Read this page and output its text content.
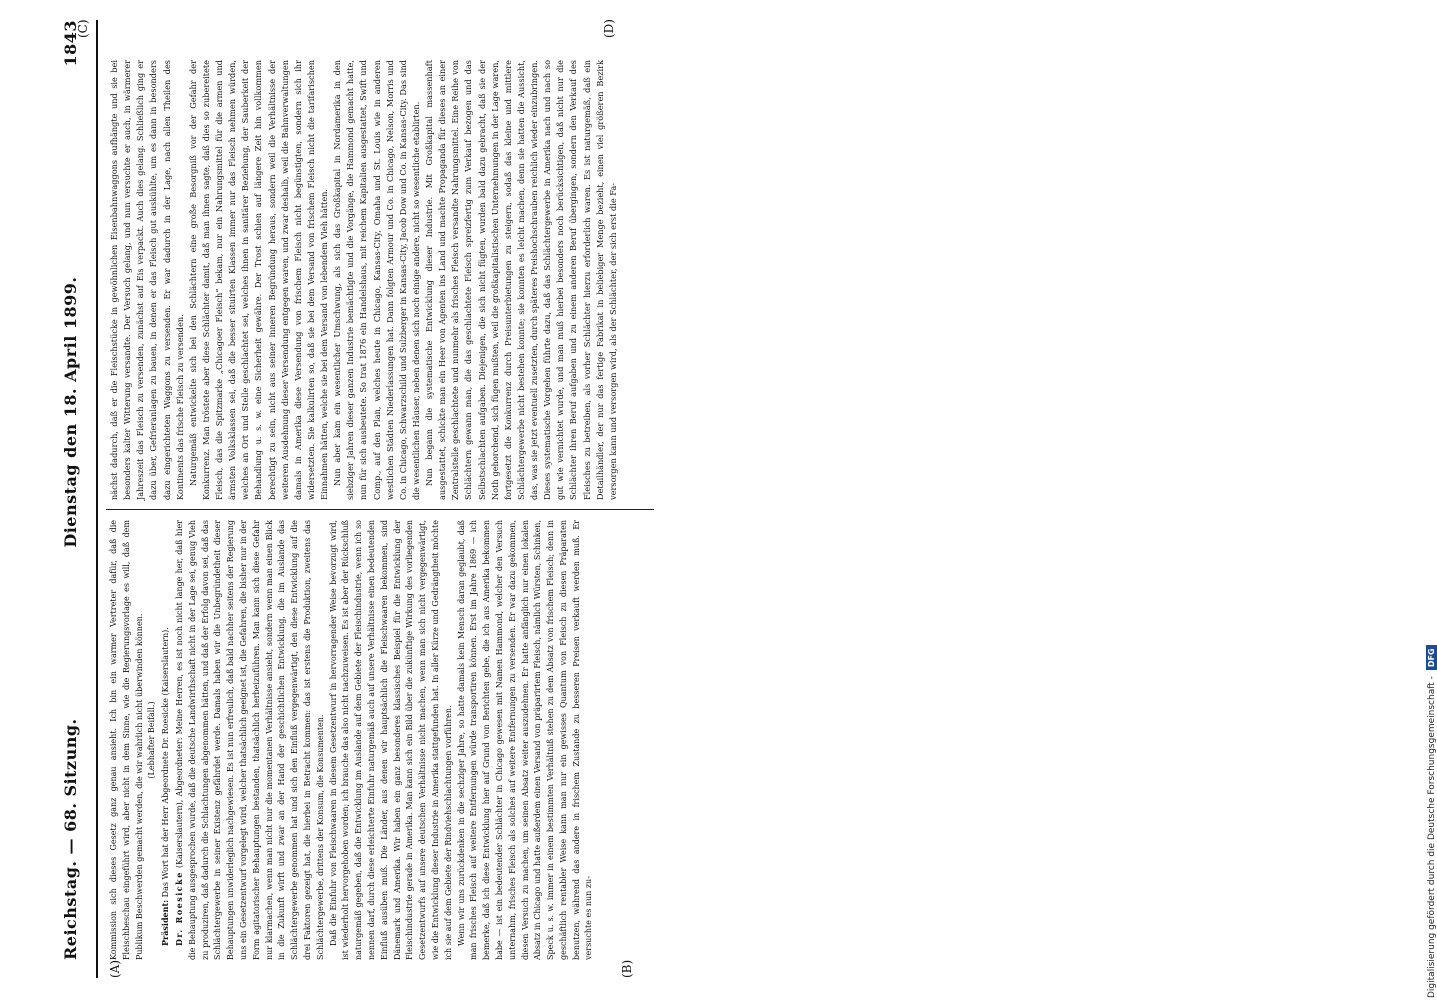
Reichstag. — 68. Sitzung.
Dienstag den 18. April 1899.
1843
(A)	(B)
(C)	(D)

Kommission sich dieses Gesetz ganz genau ansieht. Ich bin ein warmer Vertreter dafür, daß die Fleischbeschau eingeführt wird, aber nicht in dem Sinne, wie die Regierungsvorlage es will, daß dem Publikum Beschwerden gemacht werden, die wir wahrlich nicht überwinden können. (Lebhafter Beifall.)

Präsident: Das Wort hat der Herr Abgeordnete Dr. Roesicke (Kaiserslautern).

Dr. Roesicke (Kaiserslautern), Abgeordneter: Meine Herren, es ist noch nicht lange her, daß hier die Behauptung ausgesprochen wurde, daß die deutsche Landwirthschaft nicht in der Lage sei, genug Vieh zu produziren, daß dadurch die Schlachtungen abgenommen hätten, und daß der Erfolg davon sei, daß das Schlächtergewerbe in seiner Existenz gefährdet werde. Damals haben wir die Unbegründetheit dieser Behauptungen unwiderleglich nachgewiesen. Es ist nun erfreulich, daß bald nachher seitens der Regierung uns ein Gesetzentwurf vorgelegt wird, welcher thatsächlich geeignet ist, die Gefahren, die bisher nur in der Form agitatorischer Behauptungen bestanden, thatsächlich herbeizuführen. Man kann sich diese Gefahr nur klarmachen, wenn man nicht nur die momentanen Verhältnisse ansieht, sondern wenn man einen Blick in die Zukunft wirft und zwar an der Hand der geschichtlichen Entwicklung, die im Auslande das Schlächtergewerbe genommen hat und sich den Einfluß vergegenwärtigt, den diese Entwicklung auf die drei Faktoren gezeigt hat, die hierbei in Betracht kommen: das ist erstens die Produktion, zweitens das Schlächtergewerbe, drittens der Konsum, die Konsumenten. Daß die Einfuhr von Fleischwaaren in diesem Gesetzentwurf in hervorragender Weise bevorzugt wird, ist wiederholt hervorgehoben worden; ich brauche das also nicht nachzuweisen. Es ist aber der Rückschluß naturgemäß gegeben, daß die Entwicklung im Auslande auf dem Gebiete der Fleischindustrie, wenn ich so nennen darf, durch diese erleichterte Einfuhr naturgemäß auch auf unsere Verhältnisse einen bedeutenden Einfluß ausüben muß. Die Länder, aus denen wir hauptsächlich die Fleischwaaren bekommen, sind Dänemark und Amerika. Wir haben ein ganz besonderes klassisches Beispiel für die Entwicklung der Fleischindustrie gerade in Amerika. Man kann sich ein Bild über die zukünftige Wirkung des vorliegenden Gesetzentwurfs auf unsere deutschen Verhältnisse nicht machen, wenn man sich nicht vergegenwärtigt, wie die Entwicklung dieser Industrie in Amerika stattgefunden hat. In aller Kürze und Gedrängtheit möchte ich sie auf dem Gebiete der Rindviehschlachtungen vorführen. Wenn wir uns zurückdenken in die sechziger Jahre, so hatte damals kein Mensch daran geglaubt, daß man frisches Fleisch auf weitere Entfernungen würde transportiren können. Erst im Jahre 1869 — ich bemerke, daß ich diese Entwicklung hier auf Grund von Berichten gebe, die ich aus Amerika bekommen habe — ist ein bedeutender Schlächter in Chicago gewesen mit Namen Hammond, welcher den Versuch unternahm, frisches Fleisch als solches auf weitere Entfernungen zu versenden. Er war dazu gekommen, diesen Versuch zu machen, um seinen Absatz weiter auszudehnen. Er hatte anfänglich nur einen lokalen Absatz in Chicago und hatte außerdem einen Versand von präparirtem Fleisch, nämlich Würsten, Schinken, Speck u. s. w. immer in einem bestimmten Verhältniß stehen zu dem Absatz von frischem Fleisch; denn in geschäftlich rentabler Weise kann man nur ein gewisses Quantum von Fleisch zu diesen Präparaten benutzen, während das andere in frischem Zustande zu besseren Preisen verkauft werden muß. Er versuchte es nun zu-

nächst dadurch, daß er die Fleischstücke in gewöhnlichen Eisenbahnwaggons aufhängte und sie bei besonders kalter Witterung versandte. Der Versuch gelang, und nun versuchte er auch, in wärmerer Jahreszeit das Fleisch zu versenden, zunächst auf Eis verpackt. Auch dies gelang. Schließlich ging er dazu über, Gefrieranlagen zu bauen, in denen er das Fleisch gut auskühlte, um es dann in besonders dazu eingerichteten Waggons zu versenden. Er war dadurch in der Lage, nach allen Theilen des Kontinents das frische Fleisch zu versenden. Naturgemäß entwickelte sich bei den Schlächtern eine große Besorgniß vor der Gefahr der Konkurrenz. Man tröstete aber diese Schlächter damit, daß man ihnen sagte, daß dies so zubereitete Fleisch, das die Spitzmarke „Chicagoer Fleisch“ bekam, nur ein Nahrungsmittel für die armen und ärmsten Volksklassen sei, daß die besser situirten Klassen immer nur das Fleisch nehmen würden, welches an Ort und Stelle geschlachtet sei, welches ihnen in sanitärer Beziehung, der Sauberkeit der Behandlung u. s. w. eine Sicherheit gewähre. Der Trost schien auf längere Zeit hin vollkommen berechtigt zu sein, nicht aus seiner inneren Begründung heraus, sondern weil die Verhältnisse der weiteren Ausdehnung dieser Versendung entgegen waren, und zwar deshalb, weil die Bahnverwaltungen damals in Amerika diese Versendung von frischem Fleisch nicht begünstigten, sondern sich ihr widersetzten. Sie kalkulirten so, daß sie bei dem Versand von frischem Fleisch nicht die tarifarischen Einnahmen hätten, welche sie bei dem Versand von lebendem Vieh hätten. Nun aber kam ein wesentlicher Umschwung, als sich das Großkapital in Nordamerika in den siebziger Jahren dieser ganzen Industrie bemächtigte und die Vorgänge, die Hammond gemacht hatte, nun für sich ausbeutete. So trat 1876 ein Handelshaus, mit reichem Kapitalien ausgestattet, Swift und Comp., auf den Plan, welches heute in Chicago, Kansas-City, Omaha und St. Louis wie in anderen westlichen Städten Niederlassungen hat. Dann folgten Armour und Co. in Chicago, Nelson, Morris und Co. in Chicago, Schwarzschild und Sulzberger in Kansas-City, Jacob Dow und Co. in Kansas-City. Das sind die wesentlichen Häuser, neben denen sich noch einige andere, nicht so wesentliche etablirten. Nun begann die systematische Entwicklung dieser Industrie. Mit Großkapital massenhaft ausgestattet, schickte man ein Heer von Agenten ins Land und machte Propaganda für dieses an einer Zentralstelle geschlachtete und nunmehr als frisches Fleisch versandte Nahrungsmittel. Eine Reihe von Schlächtern gewann man, die das geschlachtete Fleisch spreizfertig zum Verkauf bezogen und das Selbstschlachten aufgaben. Diejenigen, die sich nicht fügten, wurden bald dazu gebracht, daß sie der Noth gehorchend, sich fügen mußten, weil die großkapitalistischen Unternehmungen in der Lage waren, fortgesetzt die Konkurrenz durch Preisunterbietungen zu steigern, sodaß das kleine und mittlere Schlächtergewerbe nicht bestehen konnte; sie konnten es leicht machen, denn sie hatten die Aussicht, das, was sie jetzt eventuell zusetzten, durch späteres Preishochschrauben reichlich wieder einzubringen. Dieses systematische Vorgehen führte dazu, daß das Schlächtergewerbe in Amerika nach und nach so gut wie vernichtet wurde, und man muß hierbei besonders noch berücksichtigen, daß nicht nur die Schlächter ihren Beruf aufgaben und zu einem anderen Beruf übergingen, sondern den Verkauf des Fleisches zu betreiben, als vorher Schlächter hierzu erforderlich waren. Es ist naturgemäß, daß ein Detailhändler, der nur das fertige Fabrikat in beliebiger Menge bezieht, einen viel größeren Bezirk versorgen kann und versorgen wird, als der Schlächter, der sich erst die Fa-

Digitalisierung gefördert durch die Deutsche Forschungsgemeinschaft -
DFG
